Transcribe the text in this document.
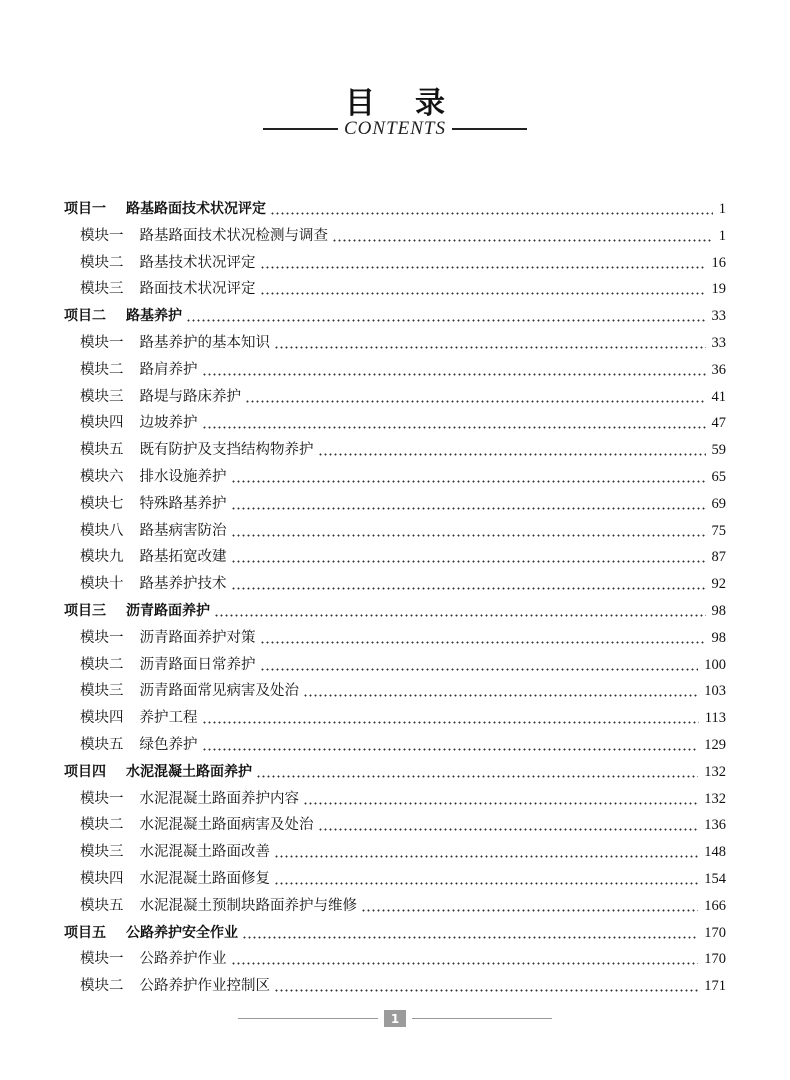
目 录
CONTENTS
项目一 路基路面技术状况评定	1
模块一 路基路面技术状况检测与调查	1
模块二 路基技术状况评定	16
模块三 路面技术状况评定	19
项目二 路基养护	33
模块一 路基养护的基本知识	33
模块二 路肩养护	36
模块三 路堤与路床养护	41
模块四 边坡养护	47
模块五 既有防护及支挡结构物养护	59
模块六 排水设施养护	65
模块七 特殊路基养护	69
模块八 路基病害防治	75
模块九 路基拓宽改建	87
模块十 路基养护技术	92
项目三 沥青路面养护	98
模块一 沥青路面养护对策	98
模块二 沥青路面日常养护	100
模块三 沥青路面常见病害及处治	103
模块四 养护工程	113
模块五 绿色养护	129
项目四 水泥混凝土路面养护	132
模块一 水泥混凝土路面养护内容	132
模块二 水泥混凝土路面病害及处治	136
模块三 水泥混凝土路面改善	148
模块四 水泥混凝土路面修复	154
模块五 水泥混凝土预制块路面养护与维修	166
项目五 公路养护安全作业	170
模块一 公路养护作业	170
模块二 公路养护作业控制区	171
1
